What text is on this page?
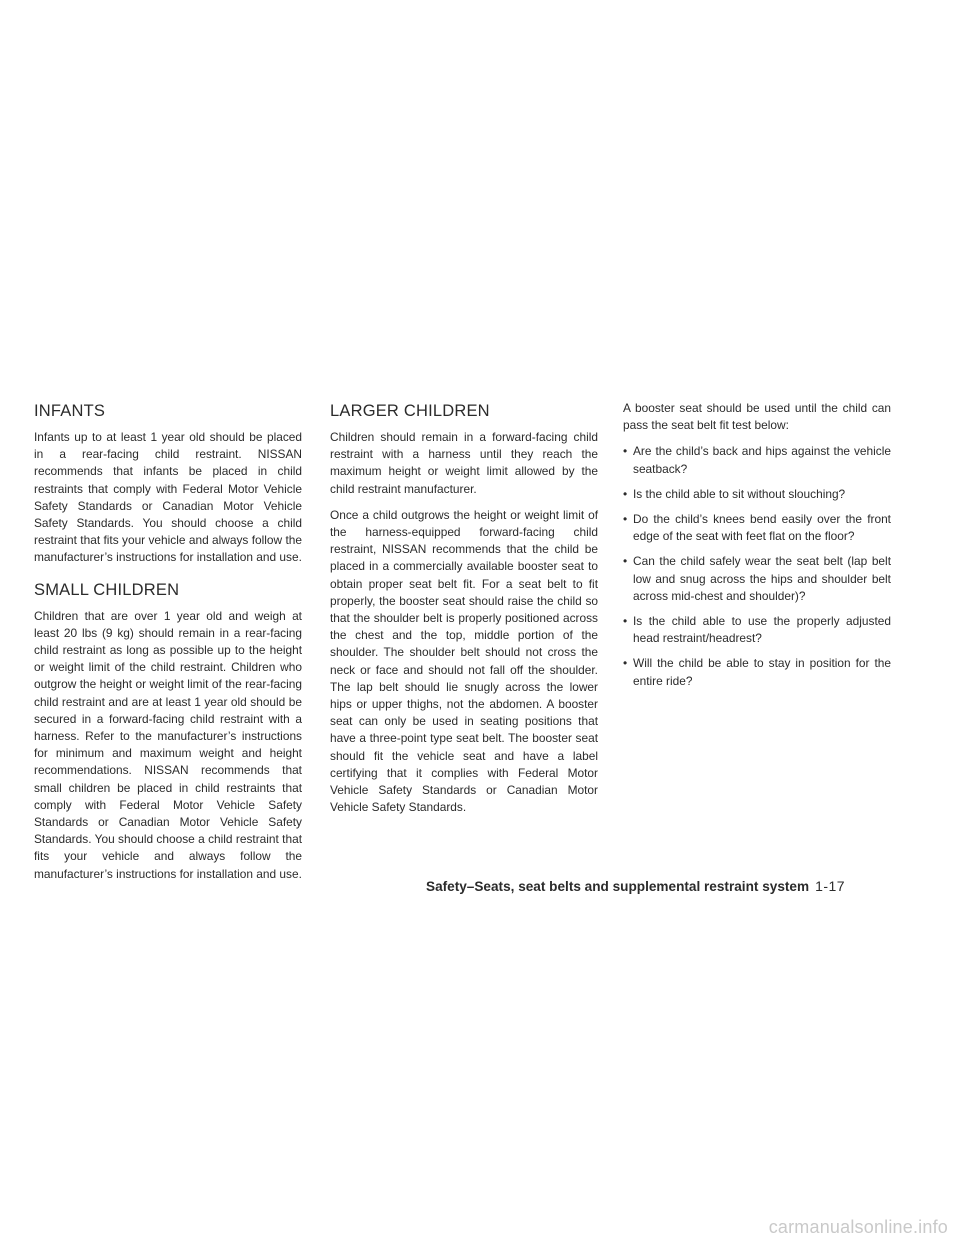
INFANTS

Infants up to at least 1 year old should be placed in a rear-facing child restraint. NISSAN recommends that infants be placed in child restraints that comply with Federal Motor Vehicle Safety Standards or Canadian Motor Vehicle Safety Standards. You should choose a child restraint that fits your vehicle and always follow the manufacturer’s instructions for installation and use.

SMALL CHILDREN

Children that are over 1 year old and weigh at least 20 lbs (9 kg) should remain in a rear-facing child restraint as long as possible up to the height or weight limit of the child restraint. Children who outgrow the height or weight limit of the rear-facing child restraint and are at least 1 year old should be secured in a forward-facing child restraint with a harness. Refer to the manufacturer’s instructions for minimum and maximum weight and height recommendations. NISSAN recommends that small children be placed in child restraints that comply with Federal Motor Vehicle Safety Standards or Canadian Motor Vehicle Safety Standards. You should choose a child restraint that fits your vehicle and always follow the manufacturer’s instructions for installation and use.

LARGER CHILDREN

Children should remain in a forward-facing child restraint with a harness until they reach the maximum height or weight limit allowed by the child restraint manufacturer.

Once a child outgrows the height or weight limit of the harness-equipped forward-facing child restraint, NISSAN recommends that the child be placed in a commercially available booster seat to obtain proper seat belt fit. For a seat belt to fit properly, the booster seat should raise the child so that the shoulder belt is properly positioned across the chest and the top, middle portion of the shoulder. The shoulder belt should not cross the neck or face and should not fall off the shoulder. The lap belt should lie snugly across the lower hips or upper thighs, not the abdomen. A booster seat can only be used in seating positions that have a three-point type seat belt. The booster seat should fit the vehicle seat and have a label certifying that it complies with Federal Motor Vehicle Safety Standards or Canadian Motor Vehicle Safety Standards.

A booster seat should be used until the child can pass the seat belt fit test below:

• Are the child’s back and hips against the vehicle seatback?
• Is the child able to sit without slouching?
• Do the child’s knees bend easily over the front edge of the seat with feet flat on the floor?
• Can the child safely wear the seat belt (lap belt low and snug across the hips and shoulder belt across mid-chest and shoulder)?
• Is the child able to use the properly adjusted head restraint/headrest?
• Will the child be able to stay in position for the entire ride?
Safety–Seats, seat belts and supplemental restraint system 1-17
carmanualsonline.info
